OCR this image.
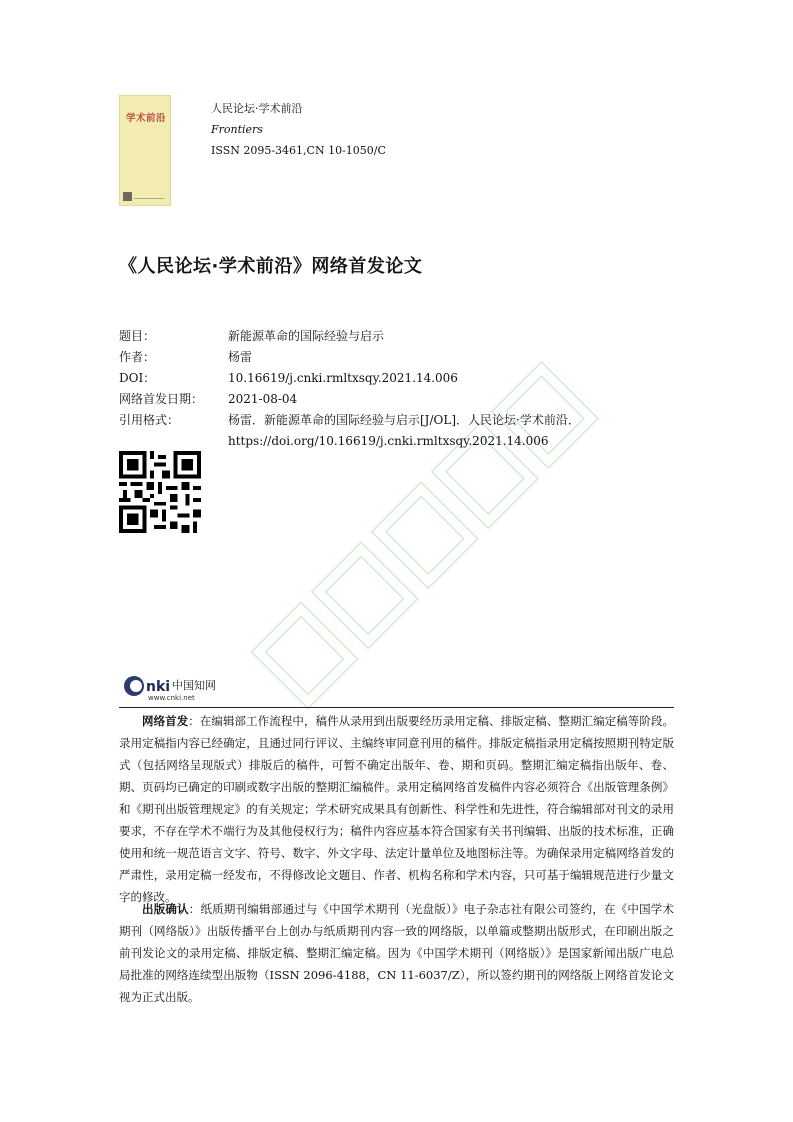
学术前沿
人民论坛·学术前沿
Frontiers
ISSN 2095-3461,CN 10-1050/C
《人民论坛·学术前沿》网络首发论文
题目：	新能源革命的国际经验与启示
作者：	杨雷
DOI：	10.16619/j.cnki.rmltxsqy.2021.14.006
网络首发日期：	2021-08-04
引用格式：	杨雷．新能源革命的国际经验与启示[J/OL]．人民论坛·学术前沿．
https://doi.org/10.16619/j.cnki.rmltxsqy.2021.14.006
nki 中国知网
www.cnki.net
网络首发：在编辑部工作流程中，稿件从录用到出版要经历录用定稿、排版定稿、整期汇编定稿等阶段。录用定稿指内容已经确定，且通过同行评议、主编终审同意刊用的稿件。排版定稿指录用定稿按照期刊特定版式（包括网络呈现版式）排版后的稿件，可暂不确定出版年、卷、期和页码。整期汇编定稿指出版年、卷、期、页码均已确定的印刷或数字出版的整期汇编稿件。录用定稿网络首发稿件内容必须符合《出版管理条例》和《期刊出版管理规定》的有关规定；学术研究成果具有创新性、科学性和先进性，符合编辑部对刊文的录用要求，不存在学术不端行为及其他侵权行为；稿件内容应基本符合国家有关书刊编辑、出版的技术标准，正确使用和统一规范语言文字、符号、数字、外文字母、法定计量单位及地图标注等。为确保录用定稿网络首发的严肃性，录用定稿一经发布，不得修改论文题目、作者、机构名称和学术内容，只可基于编辑规范进行少量文字的修改。
出版确认：纸质期刊编辑部通过与《中国学术期刊（光盘版）》电子杂志社有限公司签约，在《中国学术期刊（网络版）》出版传播平台上创办与纸质期刊内容一致的网络版，以单篇或整期出版形式，在印刷出版之前刊发论文的录用定稿、排版定稿、整期汇编定稿。因为《中国学术期刊（网络版）》是国家新闻出版广电总局批准的网络连续型出版物（ISSN 2096-4188，CN 11-6037/Z），所以签约期刊的网络版上网络首发论文视为正式出版。
